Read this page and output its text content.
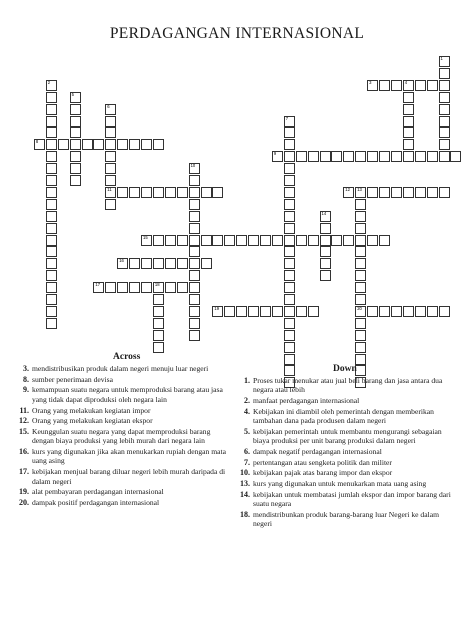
PERDAGANGAN INTERNASIONAL
1
2	3	4
5
6
11
7
8
9
10
12 13
20
14
15
16
17	18
19
Across
3. mendistribusikan produk dalam negeri menuju luar negeri
8. sumber penerimaan devisa
9. kemampuan suatu negara untuk memproduksi barang atau jasa yang tidak dapat diproduksi oleh negara lain
11. Orang yang melakukan kegiatan impor
12. Orang yang melakukan kegiatan ekspor
15. Keunggulan suatu negara yang dapat memproduksi barang dengan biaya produksi yang lebih murah dari negara lain
16. kurs yang digunakan jika akan menukarkan rupiah dengan mata uang asing
17. kebijakan menjual barang diluar negeri lebih murah daripada di dalam negeri
19. alat pembayaran perdagangan internasional
20. dampak positif perdagangan internasional
Down
1. Proses tukar menukar atau jual beli barang dan jasa antara dua negara atau lebih
2. manfaat perdagangan internasional
4. Kebijakan ini diambil oleh pemerintah dengan memberikan tambahan dana pada produsen dalam negeri
5. kebijakan pemerintah untuk membantu mengurangi sebagaian biaya produksi per unit barang produksi dalam negeri
6. dampak negatif perdagangan internasional
7. pertentangan atau sengketa politik dan militer
10. kebijakan pajak atas barang impor dan ekspor
13. kurs yang digunakan untuk menukarkan mata uang asing
14. kebijakan untuk membatasi jumlah ekspor dan impor barang dari suatu negara
18. mendistribunkan produk barang-barang luar Negeri ke dalam negeri
